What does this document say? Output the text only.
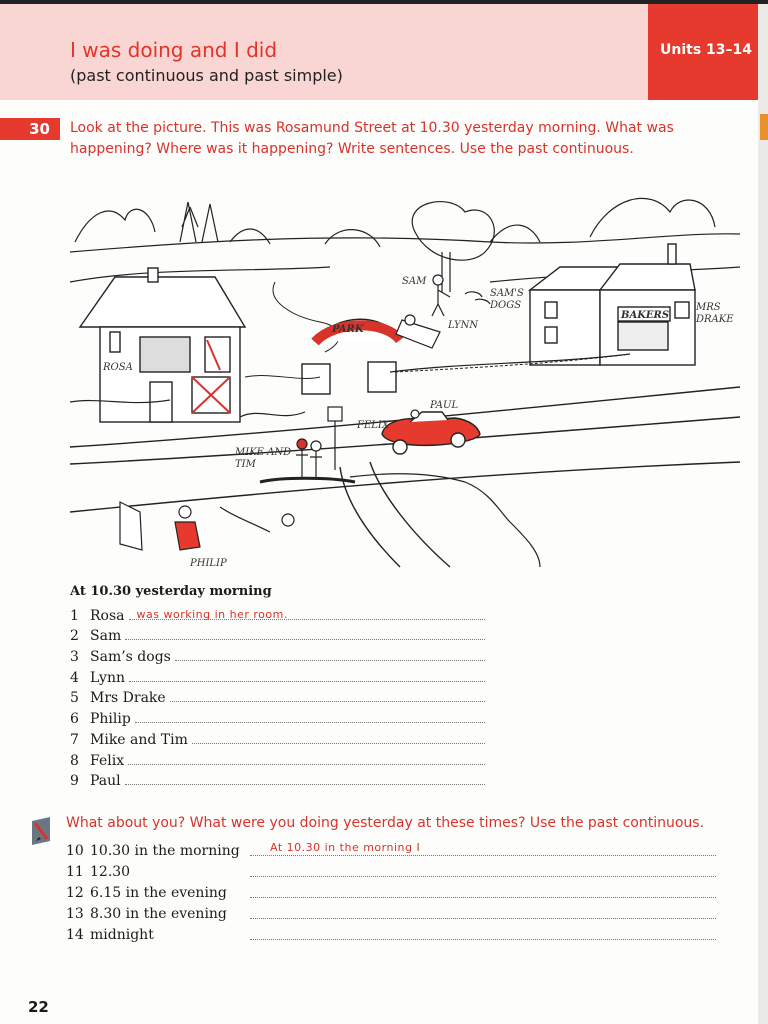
Units 13–14
I was doing and I did
(past continuous and past simple)
30 Look at the picture. This was Rosamund Street at 10.30 yesterday morning. What was happening? Where was it happening? Write sentences. Use the past continuous.
ROSA
SAM
SAM'S
DOGS
LYNN
PARK
BAKERS
MRS
DRAKE
PAUL
FELIX
MIKE AND
TIM
PHILIP
At 10.30 yesterday morning
1 Rosa was working in her room.
2 Sam
3 Sam’s dogs
4 Lynn
5 Mrs Drake
6 Philip
7 Mike and Tim
8 Felix
9 Paul
What about you? What were you doing yesterday at these times? Use the past continuous.
10 10.30 in the morning	At 10.30 in the morning I
11 12.30
12 6.15 in the evening
13 8.30 in the evening
14 midnight
22
